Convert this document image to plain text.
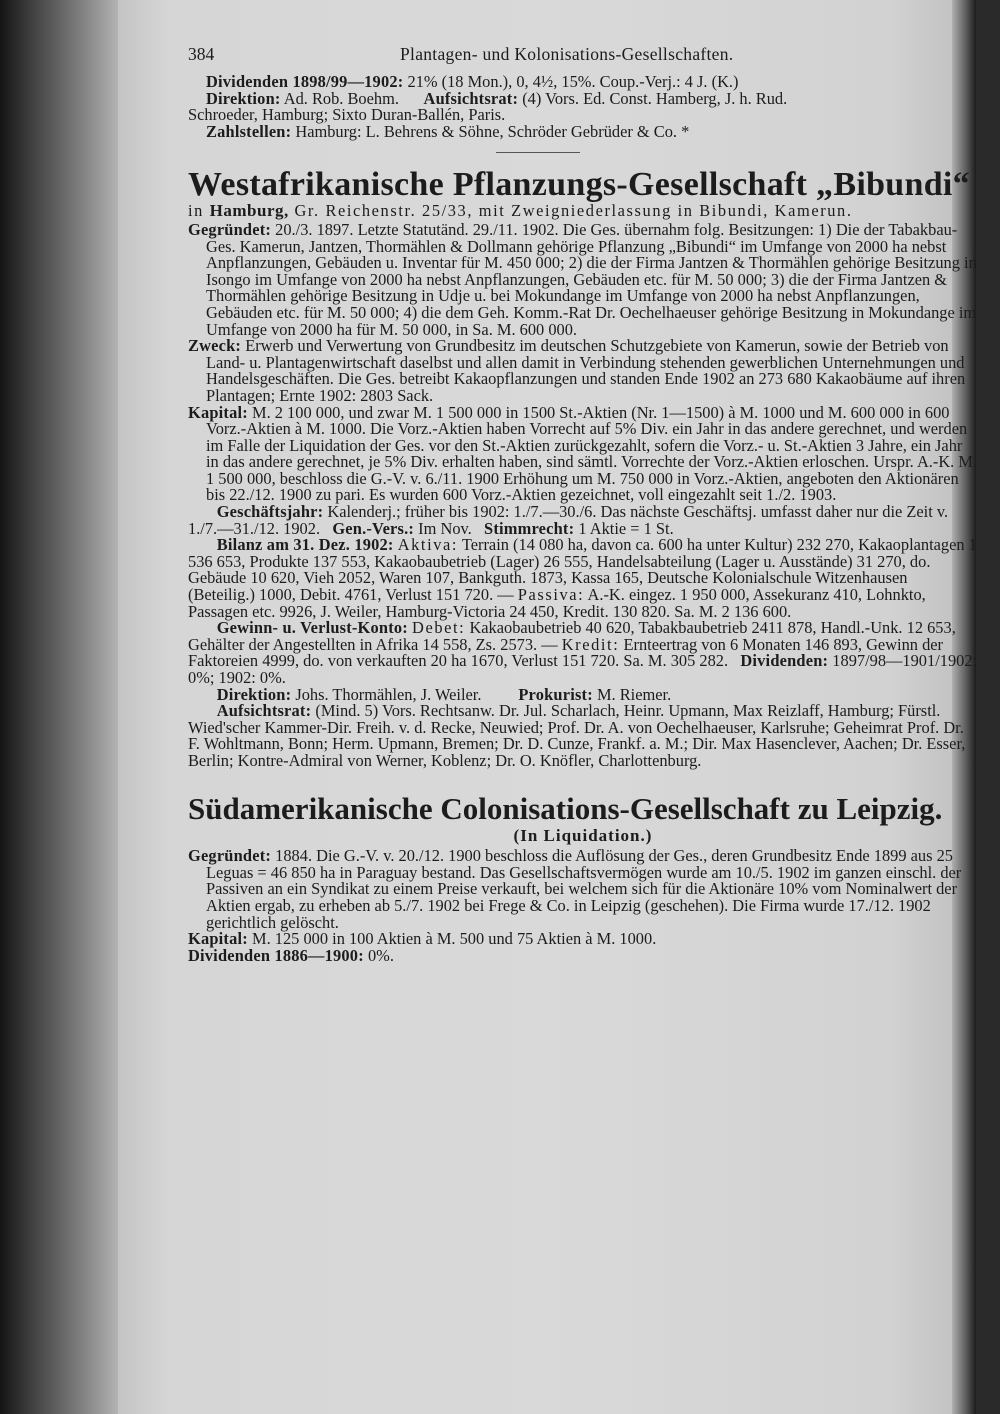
384	Plantagen- und Kolonisations-Gesellschaften.

Dividenden 1898/99—1902: 21% (18 Mon.), 0, 4½, 15%. Coup.-Verj.: 4 J. (K.)

Direktion: Ad. Rob. Boehm. Aufsichtsrat: (4) Vors. Ed. Const. Hamberg, J. h. Rud.

Schroeder, Hamburg; Sixto Duran-Ballén, Paris.

Zahlstellen: Hamburg: L. Behrens & Söhne, Schröder Gebrüder & Co. *

Westafrikanische Pflanzungs-Gesellschaft „Bibundi“

in Hamburg, Gr. Reichenstr. 25/33, mit Zweigniederlassung in Bibundi, Kamerun.

Gegründet: 20./3. 1897. Letzte Statutänd. 29./11. 1902. Die Ges. übernahm folg. Besitzungen: 1) Die der Tabakbau-Ges. Kamerun, Jantzen, Thormählen & Dollmann gehörige Pflanzung „Bibundi“ im Umfange von 2000 ha nebst Anpflanzungen, Gebäuden u. Inventar für M. 450 000; 2) die der Firma Jantzen & Thormählen gehörige Besitzung in Isongo im Umfange von 2000 ha nebst Anpflanzungen, Gebäuden etc. für M. 50 000; 3) die der Firma Jantzen & Thormählen gehörige Besitzung in Udje u. bei Mokundange im Umfange von 2000 ha nebst Anpflanzungen, Gebäuden etc. für M. 50 000; 4) die dem Geh. Komm.-Rat Dr. Oechelhaeuser gehörige Besitzung in Mokundange im Umfange von 2000 ha für M. 50 000, in Sa. M. 600 000.

Zweck: Erwerb und Verwertung von Grundbesitz im deutschen Schutzgebiete von Kamerun, sowie der Betrieb von Land- u. Plantagenwirtschaft daselbst und allen damit in Verbindung stehenden gewerblichen Unternehmungen und Handelsgeschäften. Die Ges. betreibt Kakaopflanzungen und standen Ende 1902 an 273 680 Kakaobäume auf ihren Plantagen; Ernte 1902: 2803 Sack.

Kapital: M. 2 100 000, und zwar M. 1 500 000 in 1500 St.-Aktien (Nr. 1—1500) à M. 1000 und M. 600 000 in 600 Vorz.-Aktien à M. 1000. Die Vorz.-Aktien haben Vorrecht auf 5% Div. ein Jahr in das andere gerechnet, und werden im Falle der Liquidation der Ges. vor den St.-Aktien zurückgezahlt, sofern die Vorz.- u. St.-Aktien 3 Jahre, ein Jahr in das andere gerechnet, je 5% Div. erhalten haben, sind sämtl. Vorrechte der Vorz.-Aktien erloschen. Urspr. A.-K. M. 1 500 000, beschloss die G.-V. v. 6./11. 1900 Erhöhung um M. 750 000 in Vorz.-Aktien, angeboten den Aktionären bis 22./12. 1900 zu pari. Es wurden 600 Vorz.-Aktien gezeichnet, voll eingezahlt seit 1./2. 1903.

Geschäftsjahr: Kalenderj.; früher bis 1902: 1./7.—30./6. Das nächste Geschäftsj. umfasst daher nur die Zeit v. 1./7.—31./12. 1902. Gen.-Vers.: Im Nov. Stimmrecht: 1 Aktie = 1 St.

Bilanz am 31. Dez. 1902: Aktiva: Terrain (14 080 ha, davon ca. 600 ha unter Kultur) 232 270, Kakaoplantagen 1 536 653, Produkte 137 553, Kakaobaubetrieb (Lager) 26 555, Handelsabteilung (Lager u. Ausstände) 31 270, do. Gebäude 10 620, Vieh 2052, Waren 107, Bankguth. 1873, Kassa 165, Deutsche Kolonialschule Witzenhausen (Beteilig.) 1000, Debit. 4761, Verlust 151 720. — Passiva: A.-K. eingez. 1 950 000, Assekuranz 410, Lohnkto, Passagen etc. 9926, J. Weiler, Hamburg-Victoria 24 450, Kredit. 130 820. Sa. M. 2 136 600.

Gewinn- u. Verlust-Konto: Debet: Kakaobaubetrieb 40 620, Tabakbaubetrieb 2411 878, Handl.-Unk. 12 653, Gehälter der Angestellten in Afrika 14 558, Zs. 2573. — Kredit: Ernteertrag von 6 Monaten 146 893, Gewinn der Faktoreien 4999, do. von verkauften 20 ha 1670, Verlust 151 720. Sa. M. 305 282. Dividenden: 1897/98—1901/1902: 0%; 1902: 0%.

Direktion: Johs. Thormählen, J. Weiler. Prokurist: M. Riemer.

Aufsichtsrat: (Mind. 5) Vors. Rechtsanw. Dr. Jul. Scharlach, Heinr. Upmann, Max Reizlaff, Hamburg; Fürstl. Wied'scher Kammer-Dir. Freih. v. d. Recke, Neuwied; Prof. Dr. A. von Oechelhaeuser, Karlsruhe; Geheimrat Prof. Dr. F. Wohltmann, Bonn; Herm. Upmann, Bremen; Dr. D. Cunze, Frankf. a. M.; Dir. Max Hasenclever, Aachen; Dr. Esser, Berlin; Kontre-Admiral von Werner, Koblenz; Dr. O. Knöfler, Charlottenburg.

Südamerikanische Colonisations-Gesellschaft zu Leipzig.
(In Liquidation.)

Gegründet: 1884. Die G.-V. v. 20./12. 1900 beschloss die Auflösung der Ges., deren Grundbesitz Ende 1899 aus 25 Leguas = 46 850 ha in Paraguay bestand. Das Gesellschaftsvermögen wurde am 10./5. 1902 im ganzen einschl. der Passiven an ein Syndikat zu einem Preise verkauft, bei welchem sich für die Aktionäre 10% vom Nominalwert der Aktien ergab, zu erheben ab 5./7. 1902 bei Frege & Co. in Leipzig (geschehen). Die Firma wurde 17./12. 1902 gerichtlich gelöscht.

Kapital: M. 125 000 in 100 Aktien à M. 500 und 75 Aktien à M. 1000.

Dividenden 1886—1900: 0%.
